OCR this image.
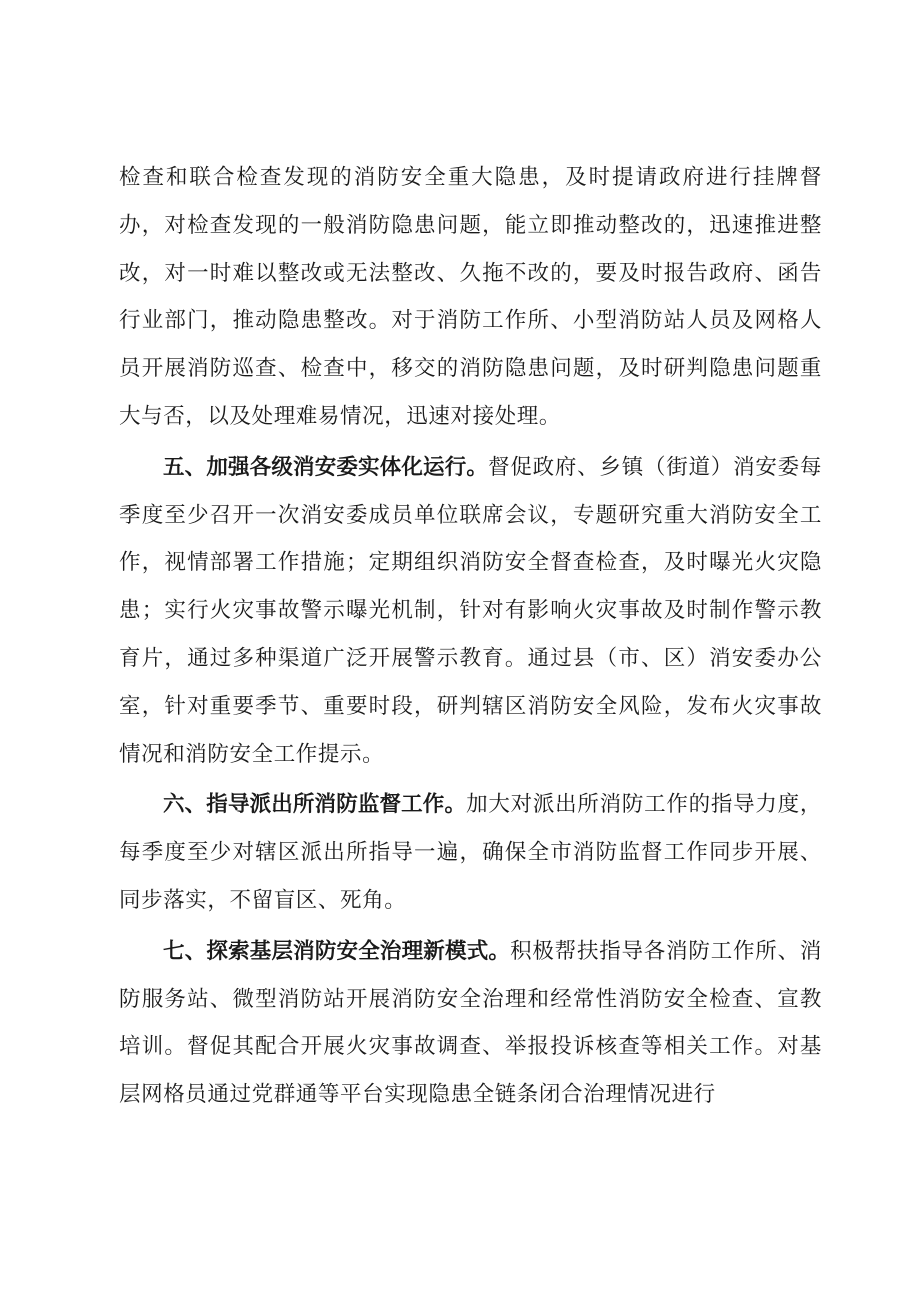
检查和联合检查发现的消防安全重大隐患，及时提请政府进行挂牌督办，对检查发现的一般消防隐患问题，能立即推动整改的，迅速推进整改，对一时难以整改或无法整改、久拖不改的，要及时报告政府、函告行业部门，推动隐患整改。对于消防工作所、小型消防站人员及网格人员开展消防巡查、检查中，移交的消防隐患问题，及时研判隐患问题重大与否，以及处理难易情况，迅速对接处理。

五、加强各级消安委实体化运行。督促政府、乡镇（街道）消安委每季度至少召开一次消安委成员单位联席会议，专题研究重大消防安全工作，视情部署工作措施；定期组织消防安全督查检查，及时曝光火灾隐患；实行火灾事故警示曝光机制，针对有影响火灾事故及时制作警示教育片，通过多种渠道广泛开展警示教育。通过县（市、区）消安委办公室，针对重要季节、重要时段，研判辖区消防安全风险，发布火灾事故情况和消防安全工作提示。

六、指导派出所消防监督工作。加大对派出所消防工作的指导力度，每季度至少对辖区派出所指导一遍，确保全市消防监督工作同步开展、同步落实，不留盲区、死角。

七、探索基层消防安全治理新模式。积极帮扶指导各消防工作所、消防服务站、微型消防站开展消防安全治理和经常性消防安全检查、宣教培训。督促其配合开展火灾事故调查、举报投诉核查等相关工作。对基层网格员通过党群通等平台实现隐患全链条闭合治理情况进行
